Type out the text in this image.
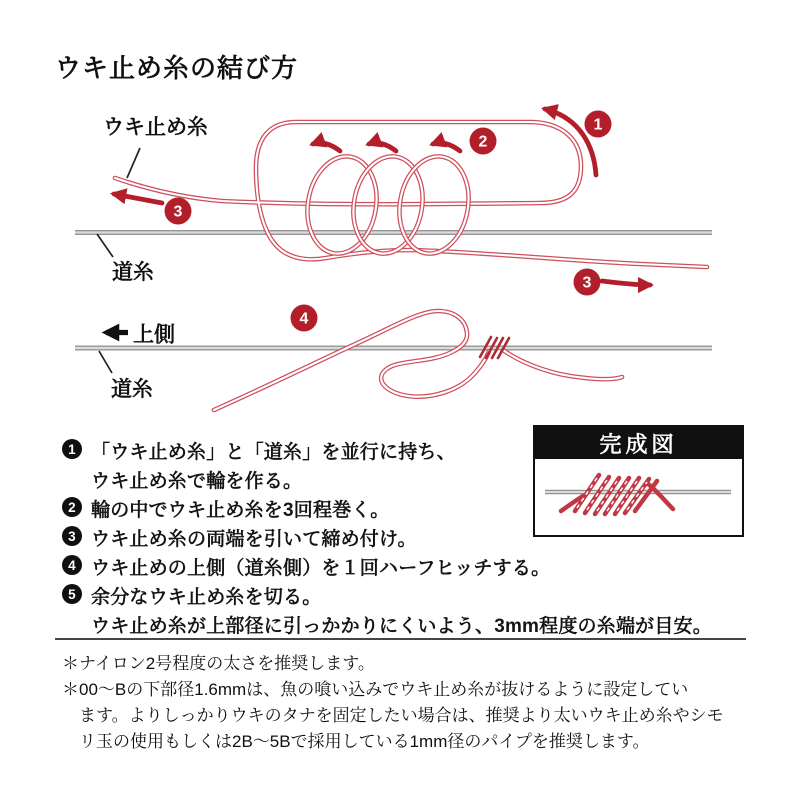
ウキ止め糸の結び方
ウキ止め糸
道糸
3
2
1
3
上側
道糸
4
完成図
1 「ウキ止め糸」と「道糸」を並行に持ち、
ウキ止め糸で輪を作る。
2 輪の中でウキ止め糸を3回程巻く。
3 ウキ止め糸の両端を引いて締め付け。
4 ウキ止めの上側（道糸側）を１回ハーフヒッチする。
5 余分なウキ止め糸を切る。
ウキ止め糸が上部径に引っかかりにくいよう、3mm程度の糸端が目安。
＊ナイロン2号程度の太さを推奨します。
＊00～Bの下部径1.6mmは、魚の喰い込みでウキ止め糸が抜けるように設定してい
ます。よりしっかりウキのタナを固定したい場合は、推奨より太いウキ止め糸やシモ
リ玉の使用もしくは2B～5Bで採用している1mm径のパイプを推奨します。
